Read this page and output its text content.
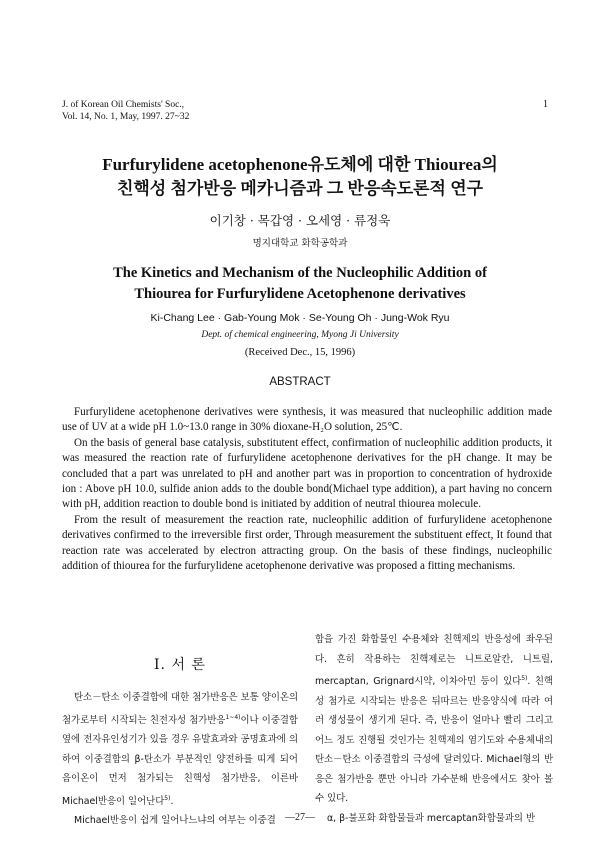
J. of Korean Oil Chemists' Soc.,
Vol. 14, No. 1, May, 1997. 27~32
1
Furfurylidene acetophenone유도체에 대한 Thiourea의
친핵성 첨가반응 메카니즘과 그 반응속도론적 연구
이기창 · 목갑영 · 오세영 · 류정욱
명지대학교 화학공학과
The Kinetics and Mechanism of the Nucleophilic Addition of
Thiourea for Furfurylidene Acetophenone derivatives
Ki-Chang Lee · Gab-Young Mok · Se-Young Oh · Jung-Wok Ryu
Dept. of chemical engineering, Myong Ji University
(Received Dec., 15, 1996)
ABSTRACT

Furfurylidene acetophenone derivatives were synthesis, it was measured that nucleophilic addition made use of UV at a wide pH 1.0~13.0 range in 30% dioxane-H₂O solution, 25℃.

On the basis of general base catalysis, substitutent effect, confirmation of nucleophilic addition products, it was measured the reaction rate of furfurylidene acetophenone derivatives for the pH change. It may be concluded that a part was unrelated to pH and another part was in proportion to concentration of hydroxide ion : Above pH 10.0, sulfide anion adds to the double bond(Michael type addition), a part having no concern with pH, addition reaction to double bond is initiated by addition of neutral thiourea molecule.

From the result of measurement the reaction rate, nucleophilic addition of furfurylidene acetophenone derivatives confirmed to the irreversible first order, Through measurement the substituent effect, It found that reaction rate was accelerated by electron attracting group. On the basis of these findings, nucleophilic addition of thiourea for the furfurylidene acetophenone derivative was proposed a fitting mechanisms.

Ⅰ. 서 론

탄소－탄소 이중결합에 대한 첨가반응은 보통 양이온의 첨가로부터 시작되는 친전자성 첨가반응$^{1\sim 4)}$이나 이중결합 옆에 전자유인성기가 있을 경우 유발효과와 공명효과에 의하여 이중결합의 β-탄소가 부분적인 양전하를 띠게 되어 음이온이 먼저 첨가되는 친핵성 첨가반응, 이른바 Michael반응이 일어난다$^{5)}$.

Michael반응이 쉽게 일어나느냐의 여부는 이중결

합을 가진 화합물인 수용체와 친핵제의 반응성에 좌우된다. 흔히 작용하는 친핵제로는 니트로알칸, 니트릴, mercaptan, Grignard시약, 이차아민 등이 있다$^{5)}$. 친핵성 첨가로 시작되는 반응은 뒤따르는 반응양식에 따라 여러 생성물이 생기게 된다. 즉, 반응이 얼마나 빨리 그리고 어느 정도 진행될 것인가는 친핵제의 염기도와 수용체내의 탄소－탄소 이중결합의 극성에 달려있다. Michael형의 반응은 첨가반응 뿐만 아니라 가수분해 반응에서도 찾아 볼 수 있다.

α, β-불포화 화합물들과 mercaptan화합물과의 반

—27—
